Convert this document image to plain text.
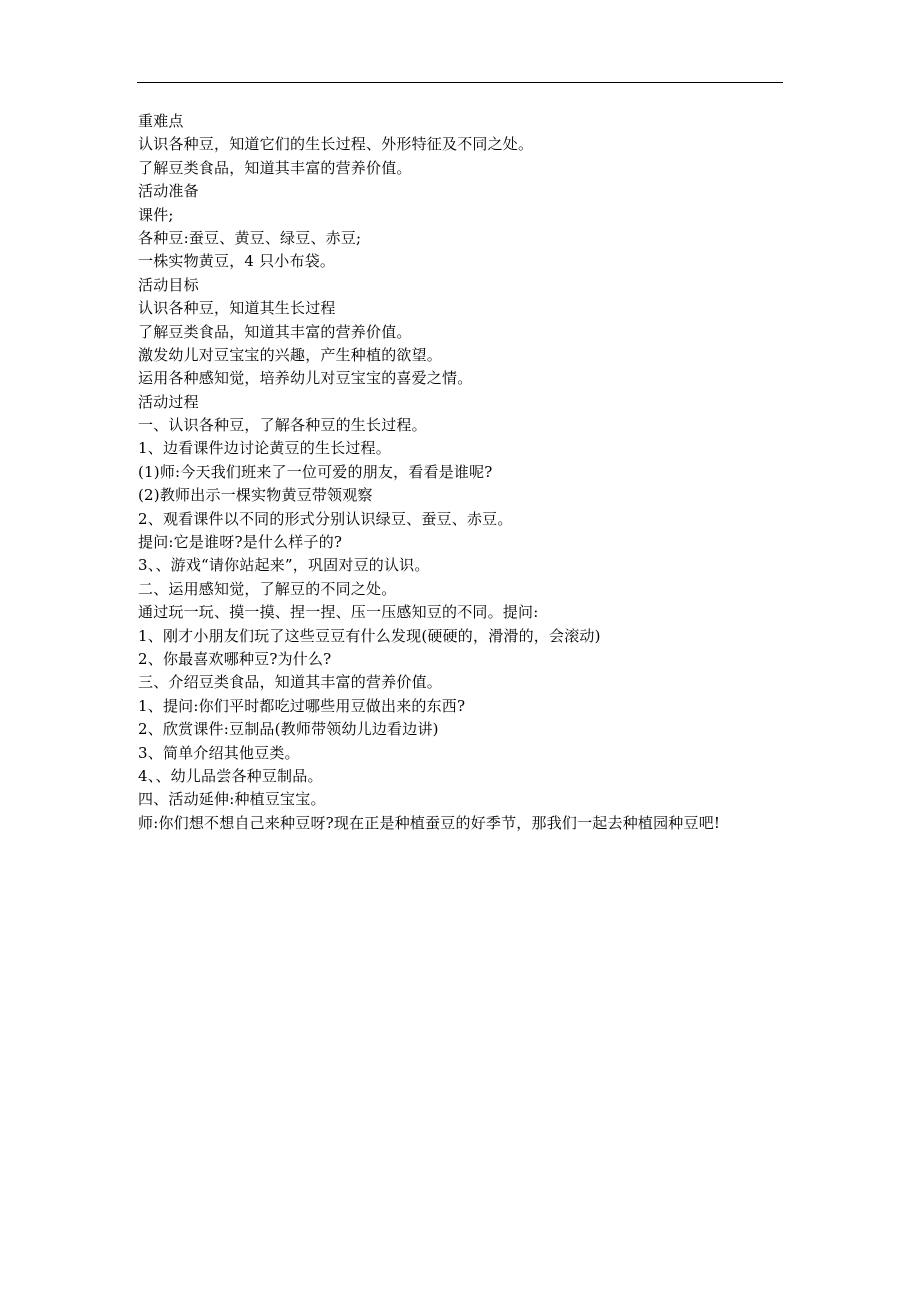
重难点
认识各种豆，知道它们的生长过程、外形特征及不同之处。
了解豆类食品，知道其丰富的营养价值。
活动准备
课件;
各种豆:蚕豆、黄豆、绿豆、赤豆;
一株实物黄豆，4 只小布袋。
活动目标
认识各种豆，知道其生长过程
了解豆类食品，知道其丰富的营养价值。
激发幼儿对豆宝宝的兴趣，产生种植的欲望。
运用各种感知觉，培养幼儿对豆宝宝的喜爱之情。
活动过程
一、认识各种豆，了解各种豆的生长过程。
1、边看课件边讨论黄豆的生长过程。
(1)师:今天我们班来了一位可爱的朋友，看看是谁呢?
(2)教师出示一棵实物黄豆带领观察
2、观看课件以不同的形式分别认识绿豆、蚕豆、赤豆。
提问:它是谁呀?是什么样子的?
3、、游戏“请你站起来”，巩固对豆的认识。
二、运用感知觉，了解豆的不同之处。
通过玩一玩、摸一摸、捏一捏、压一压感知豆的不同。提问:
1、刚才小朋友们玩了这些豆豆有什么发现(硬硬的，滑滑的，会滚动)
2、你最喜欢哪种豆?为什么?
三、介绍豆类食品，知道其丰富的营养价值。
1、提问:你们平时都吃过哪些用豆做出来的东西?
2、欣赏课件:豆制品(教师带领幼儿边看边讲)
3、简单介绍其他豆类。
4、、幼儿品尝各种豆制品。
四、活动延伸:种植豆宝宝。
师:你们想不想自己来种豆呀?现在正是种植蚕豆的好季节，那我们一起去种植园种豆吧!
